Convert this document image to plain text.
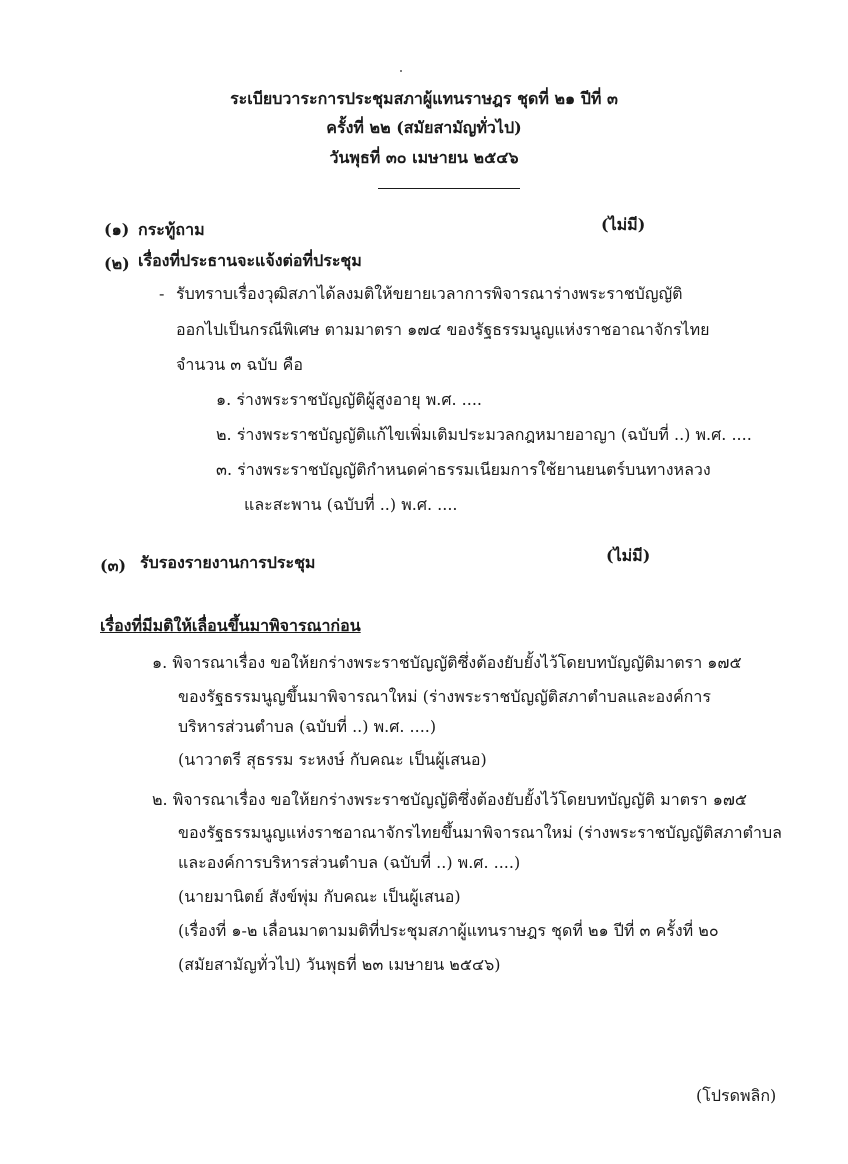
ระเบียบวาระการประชุมสภาผู้แทนราษฎร ชุดที่ ๒๑ ปีที่ ๓
ครั้งที่ ๒๒ (สมัยสามัญทั่วไป)
วันพุธที่ ๓๐ เมษายน ๒๕๔๖
(๑) กระทู้ถาม	(ไม่มี)
(๒) เรื่องที่ประธานจะแจ้งต่อที่ประชุม
- รับทราบเรื่องวุฒิสภาได้ลงมติให้ขยายเวลาการพิจารณาร่างพระราชบัญญัติ
ออกไปเป็นกรณีพิเศษ ตามมาตรา ๑๗๔ ของรัฐธรรมนูญแห่งราชอาณาจักรไทย
จำนวน ๓ ฉบับ คือ
๑. ร่างพระราชบัญญัติผู้สูงอายุ พ.ศ. ....
๒. ร่างพระราชบัญญัติแก้ไขเพิ่มเติมประมวลกฎหมายอาญา (ฉบับที่ ..) พ.ศ. ....
๓. ร่างพระราชบัญญัติกำหนดค่าธรรมเนียมการใช้ยานยนตร์บนทางหลวง
และสะพาน (ฉบับที่ ..) พ.ศ. ....
(๓) รับรองรายงานการประชุม	(ไม่มี)
เรื่องที่มีมติให้เลื่อนขึ้นมาพิจารณาก่อน
๑. พิจารณาเรื่อง ขอให้ยกร่างพระราชบัญญัติซึ่งต้องยับยั้งไว้โดยบทบัญญัติมาตรา ๑๗๕
ของรัฐธรรมนูญขึ้นมาพิจารณาใหม่ (ร่างพระราชบัญญัติสภาตำบลและองค์การ
บริหารส่วนตำบล (ฉบับที่ ..) พ.ศ. ....)
(นาวาตรี สุธรรม ระหงษ์ กับคณะ เป็นผู้เสนอ)
๒. พิจารณาเรื่อง ขอให้ยกร่างพระราชบัญญัติซึ่งต้องยับยั้งไว้โดยบทบัญญัติ มาตรา ๑๗๕
ของรัฐธรรมนูญแห่งราชอาณาจักรไทยขึ้นมาพิจารณาใหม่ (ร่างพระราชบัญญัติสภาตำบล
และองค์การบริหารส่วนตำบล (ฉบับที่ ..) พ.ศ. ....)
(นายมานิตย์ สังข์พุ่ม กับคณะ เป็นผู้เสนอ)
(เรื่องที่ ๑-๒ เลื่อนมาตามมติที่ประชุมสภาผู้แทนราษฎร ชุดที่ ๒๑ ปีที่ ๓ ครั้งที่ ๒๐
(สมัยสามัญทั่วไป) วันพุธที่ ๒๓ เมษายน ๒๕๔๖)
(โปรดพลิก)
